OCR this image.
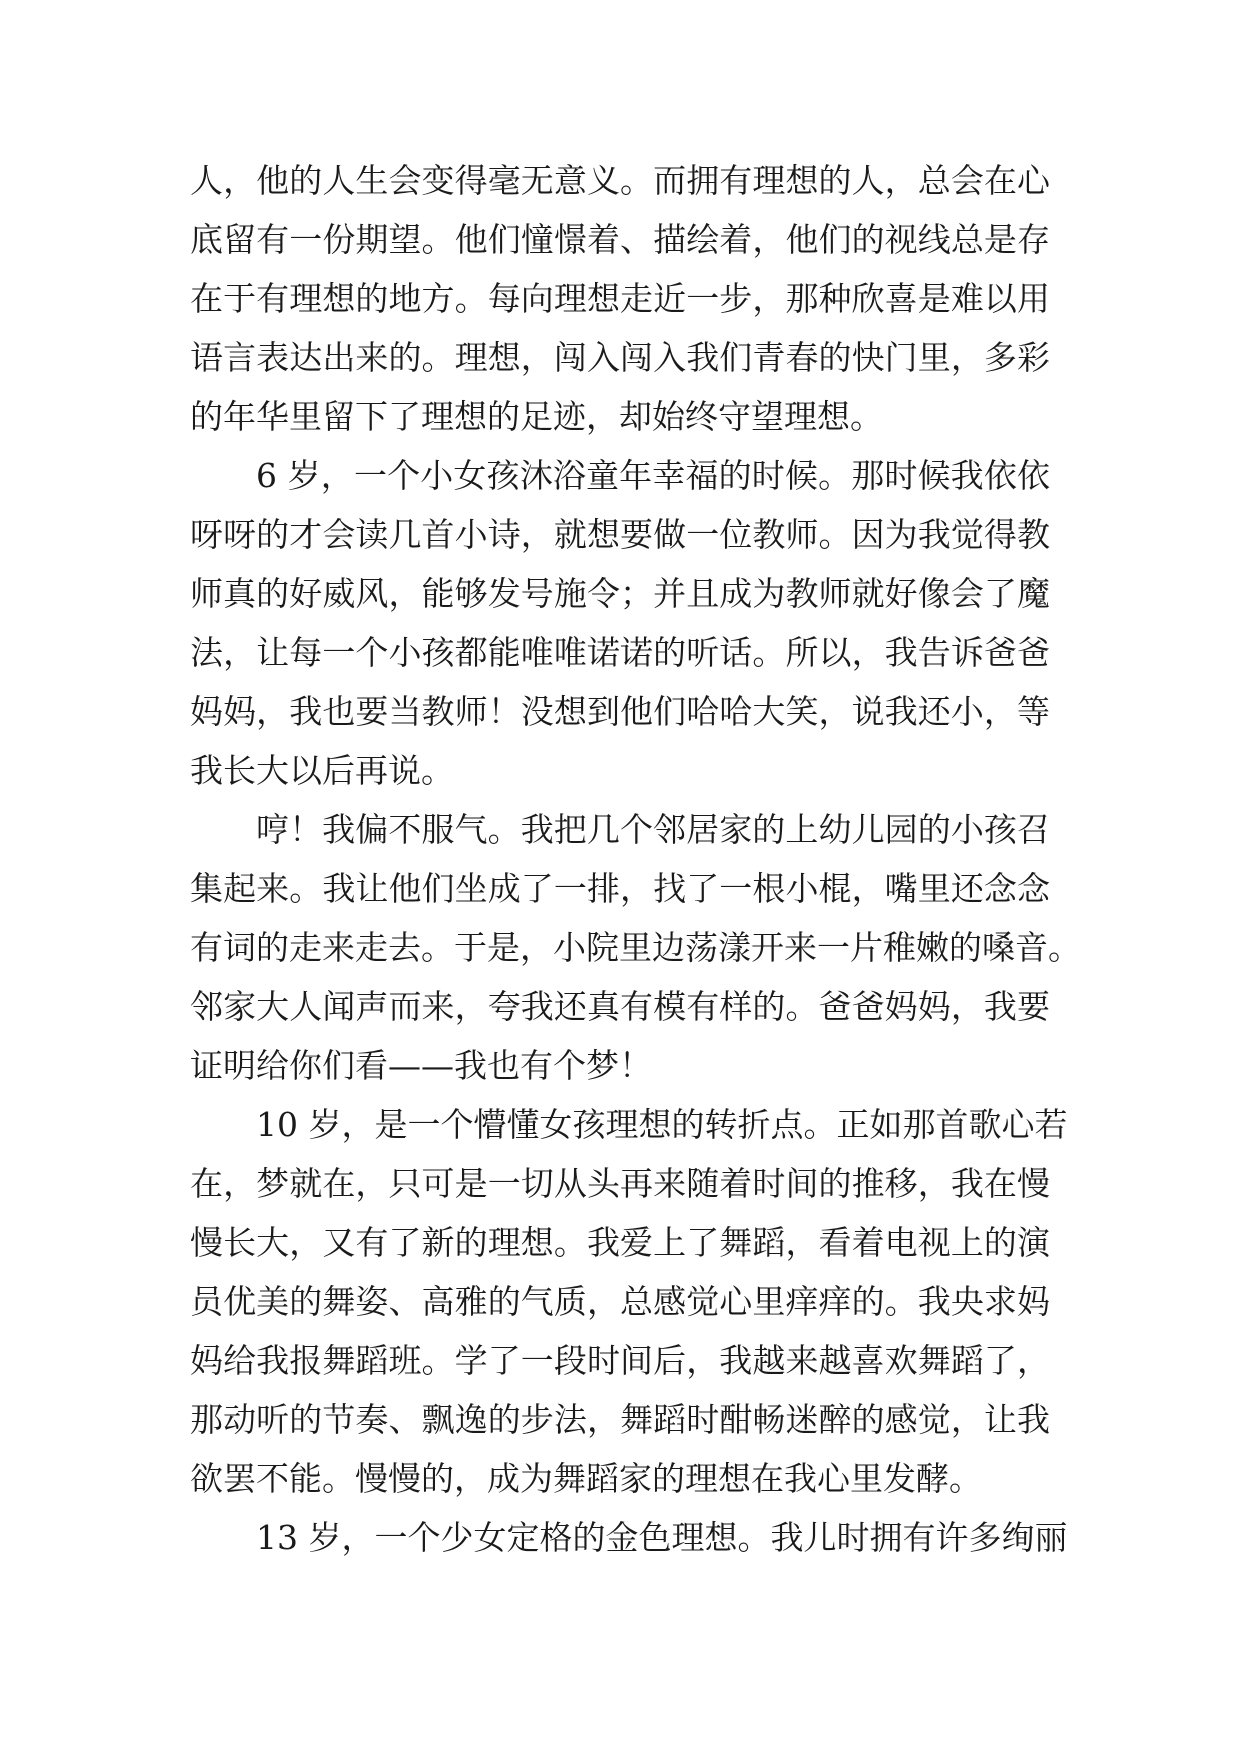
人，他的人生会变得毫无意义。而拥有理想的人，总会在心
底留有一份期望。他们憧憬着、描绘着，他们的视线总是存
在于有理想的地方。每向理想走近一步，那种欣喜是难以用
语言表达出来的。理想，闯入闯入我们青春的快门里，多彩
的年华里留下了理想的足迹，却始终守望理想。
6 岁，一个小女孩沐浴童年幸福的时候。那时候我依依
呀呀的才会读几首小诗，就想要做一位教师。因为我觉得教
师真的好威风，能够发号施令；并且成为教师就好像会了魔
法，让每一个小孩都能唯唯诺诺的听话。所以，我告诉爸爸
妈妈，我也要当教师！没想到他们哈哈大笑，说我还小，等
我长大以后再说。
哼！我偏不服气。我把几个邻居家的上幼儿园的小孩召
集起来。我让他们坐成了一排，找了一根小棍，嘴里还念念
有词的走来走去。于是，小院里边荡漾开来一片稚嫩的嗓音。
邻家大人闻声而来，夸我还真有模有样的。爸爸妈妈，我要
证明给你们看——我也有个梦！
10 岁，是一个懵懂女孩理想的转折点。正如那首歌心若
在，梦就在，只可是一切从头再来随着时间的推移，我在慢
慢长大，又有了新的理想。我爱上了舞蹈，看着电视上的演
员优美的舞姿、高雅的气质，总感觉心里痒痒的。我央求妈
妈给我报舞蹈班。学了一段时间后，我越来越喜欢舞蹈了，
那动听的节奏、飘逸的步法，舞蹈时酣畅迷醉的感觉，让我
欲罢不能。慢慢的，成为舞蹈家的理想在我心里发酵。
13 岁，一个少女定格的金色理想。我儿时拥有许多绚丽
